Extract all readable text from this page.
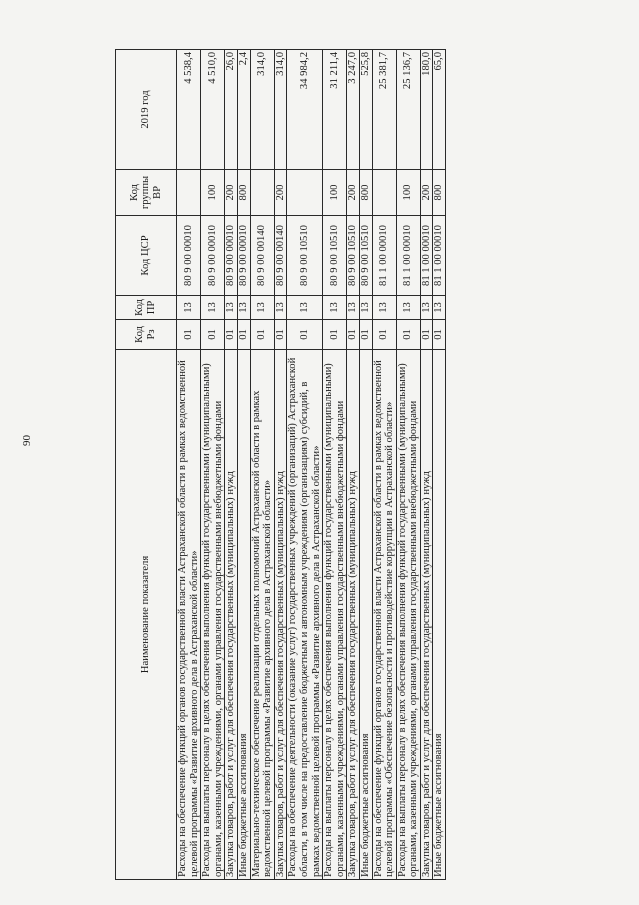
90
Наименование показателя	Код Рз	Код ПР	Код ЦСР	Код группы ВР	2019 год
Расходы на обеспечение функций органов государственной власти Астраханской области в рамках ведомственной целевой программы «Развитие архивного дела в Астраханской области»	01	13	80 9 00 00010		4 538,4
Расходы на выплаты персоналу в целях обеспечения выполнения функций государственными (муниципальными) органами, казенными учреждениями, органами управления государственными внебюджетными фондами	01	13	80 9 00 00010	100	4 510,0
Закупка товаров, работ и услуг для обеспечения государственных (муниципальных) нужд	01	13	80 9 00 00010	200	26,0
Иные бюджетные ассигнования	01	13	80 9 00 00010	800	2,4
Материально-техническое обеспечение реализации отдельных полномочий Астраханской области в рамках ведомственной целевой программы «Развитие архивного дела в Астраханской области»	01	13	80 9 00 00140		314,0
Закупка товаров, работ и услуг для обеспечения государственных (муниципальных) нужд	01	13	80 9 00 00140	200	314,0
Расходы на обеспечение деятельности (оказание услуг) государственных учреждений (организаций) Астраханской области, в том числе на предоставление бюджетным и автономным учреждениям (организациям) субсидий, в рамках ведомственной целевой программы «Развитие архивного дела в Астраханской области»	01	13	80 9 00 10510		34 984,2
Расходы на выплаты персоналу в целях обеспечения выполнения функций государственными (муниципальными) органами, казенными учреждениями, органами управления государственными внебюджетными фондами	01	13	80 9 00 10510	100	31 211,4
Закупка товаров, работ и услуг для обеспечения государственных (муниципальных) нужд	01	13	80 9 00 10510	200	3 247,0
Иные бюджетные ассигнования	01	13	80 9 00 10510	800	525,8
Расходы на обеспечение функций органов государственной власти Астраханской области в рамках ведомственной целевой программы «Обеспечение безопасности и противодействие коррупции в Астраханской области»	01	13	81 1 00 00010		25 381,7
Расходы на выплаты персоналу в целях обеспечения выполнения функций государственными (муниципальными) органами, казенными учреждениями, органами управления государственными внебюджетными фондами	01	13	81 1 00 00010	100	25 136,7
Закупка товаров, работ и услуг для обеспечения государственных (муниципальных) нужд	01	13	81 1 00 00010	200	180,0
Иные бюджетные ассигнования	01	13	81 1 00 00010	800	65,0
